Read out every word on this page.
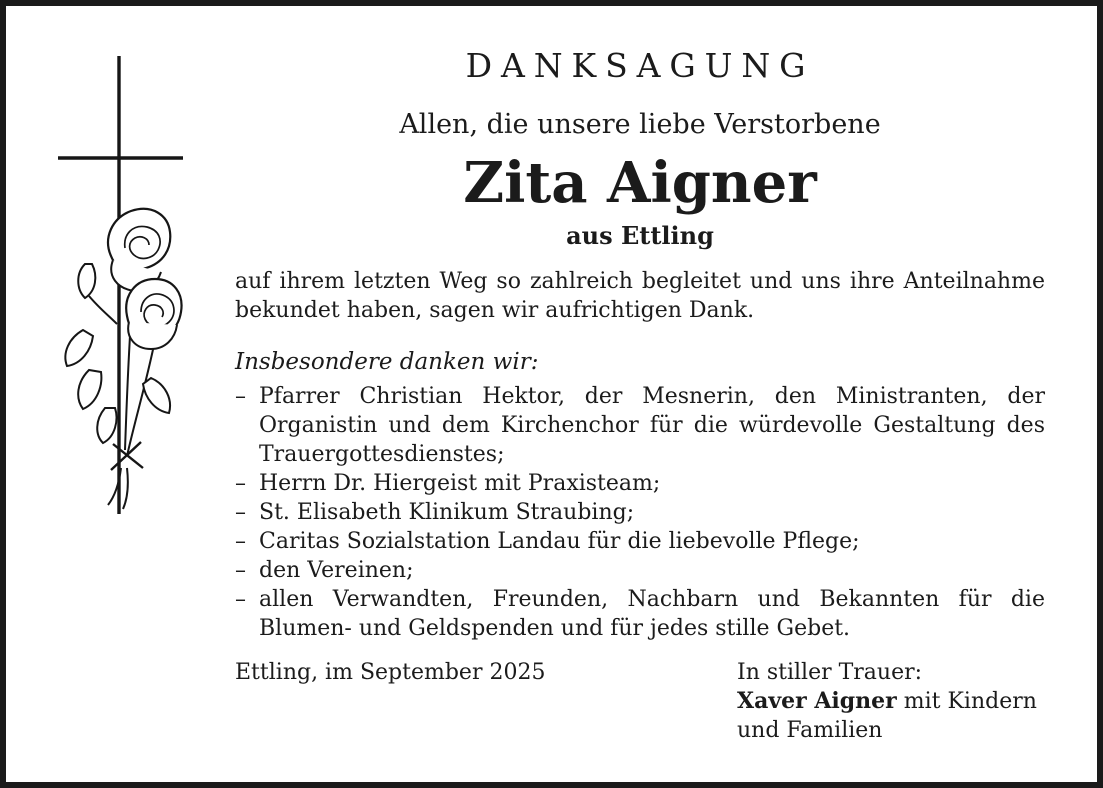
DANKSAGUNG
Allen, die unsere liebe Verstorbene
Zita Aigner
aus Ettling

auf ihrem letzten Weg so zahlreich begleitet und uns ihre Anteilnahme bekundet haben, sagen wir aufrichtigen Dank.

Insbesondere danken wir:
– Pfarrer Christian Hektor, der Mesnerin, den Ministranten, der Organistin und dem Kirchenchor für die würdevolle Gestaltung des Trauergottesdienstes;
– Herrn Dr. Hiergeist mit Praxisteam;
– St. Elisabeth Klinikum Straubing;
– Caritas Sozialstation Landau für die liebevolle Pflege;
– den Vereinen;
– allen Verwandten, Freunden, Nachbarn und Bekannten für die Blumen- und Geldspenden und für jedes stille Gebet.
Ettling, im September 2025	In stiller Trauer:
Xaver Aigner mit Kindern
und Familien
